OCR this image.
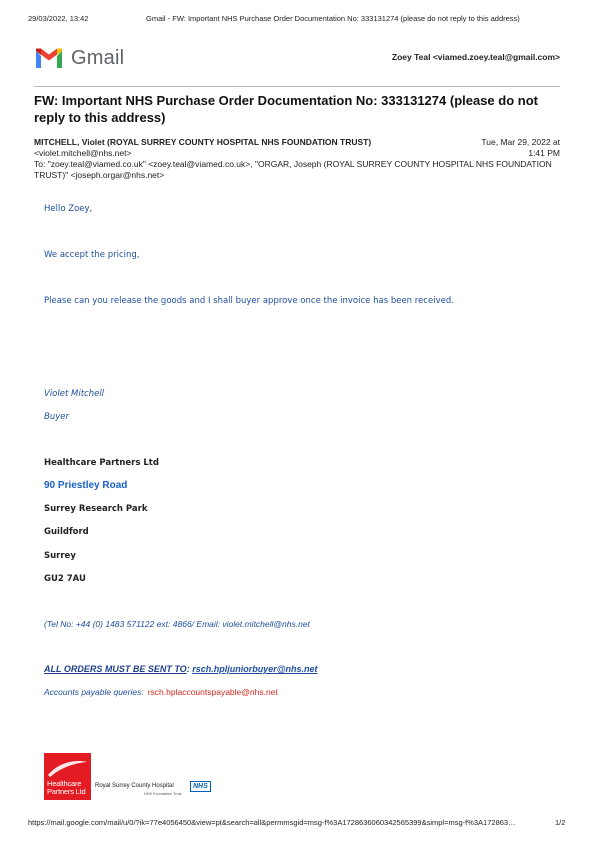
29/03/2022, 13:42	Gmail - FW: Important NHS Purchase Order Documentation No: 333131274 (please do not reply to this address)
Gmail	Zoey Teal <viamed.zoey.teal@gmail.com>
FW: Important NHS Purchase Order Documentation No: 333131274 (please do not reply to this address)
MITCHELL, Violet (ROYAL SURREY COUNTY HOSPITAL NHS FOUNDATION TRUST)
<violet.mitchell@nhs.net>
Tue, Mar 29, 2022 at
1:41 PM
To: "zoey.teal@viamed.co.uk" <zoey.teal@viamed.co.uk>, "ORGAR, Joseph (ROYAL SURREY COUNTY HOSPITAL NHS FOUNDATION TRUST)" <joseph.orgar@nhs.net>
Hello Zoey,
We accept the pricing,
Please can you release the goods and I shall buyer approve once the invoice has been received.
Violet Mitchell
Buyer
Healthcare Partners Ltd
90 Priestley Road
Surrey Research Park
Guildford
Surrey
GU2 7AU
(Tel No: +44 (0) 1483 571122 ext: 4866/ Email: violet.mitchell@nhs.net
ALL ORDERS MUST BE SENT TO: rsch.hpljuniorbuyer@nhs.net
Accounts payable queries: rsch.hplaccountspayable@nhs.net
Healthcare
Partners Ltd
Royal Surrey County Hospital	NHS
NHS Foundation Trust
https://mail.google.com/mail/u/0/?ik=77e4056450&view=pt&search=all&permmsgid=msg-f%3A1728636060342565399&simpl=msg-f%3A172863…	1/2
